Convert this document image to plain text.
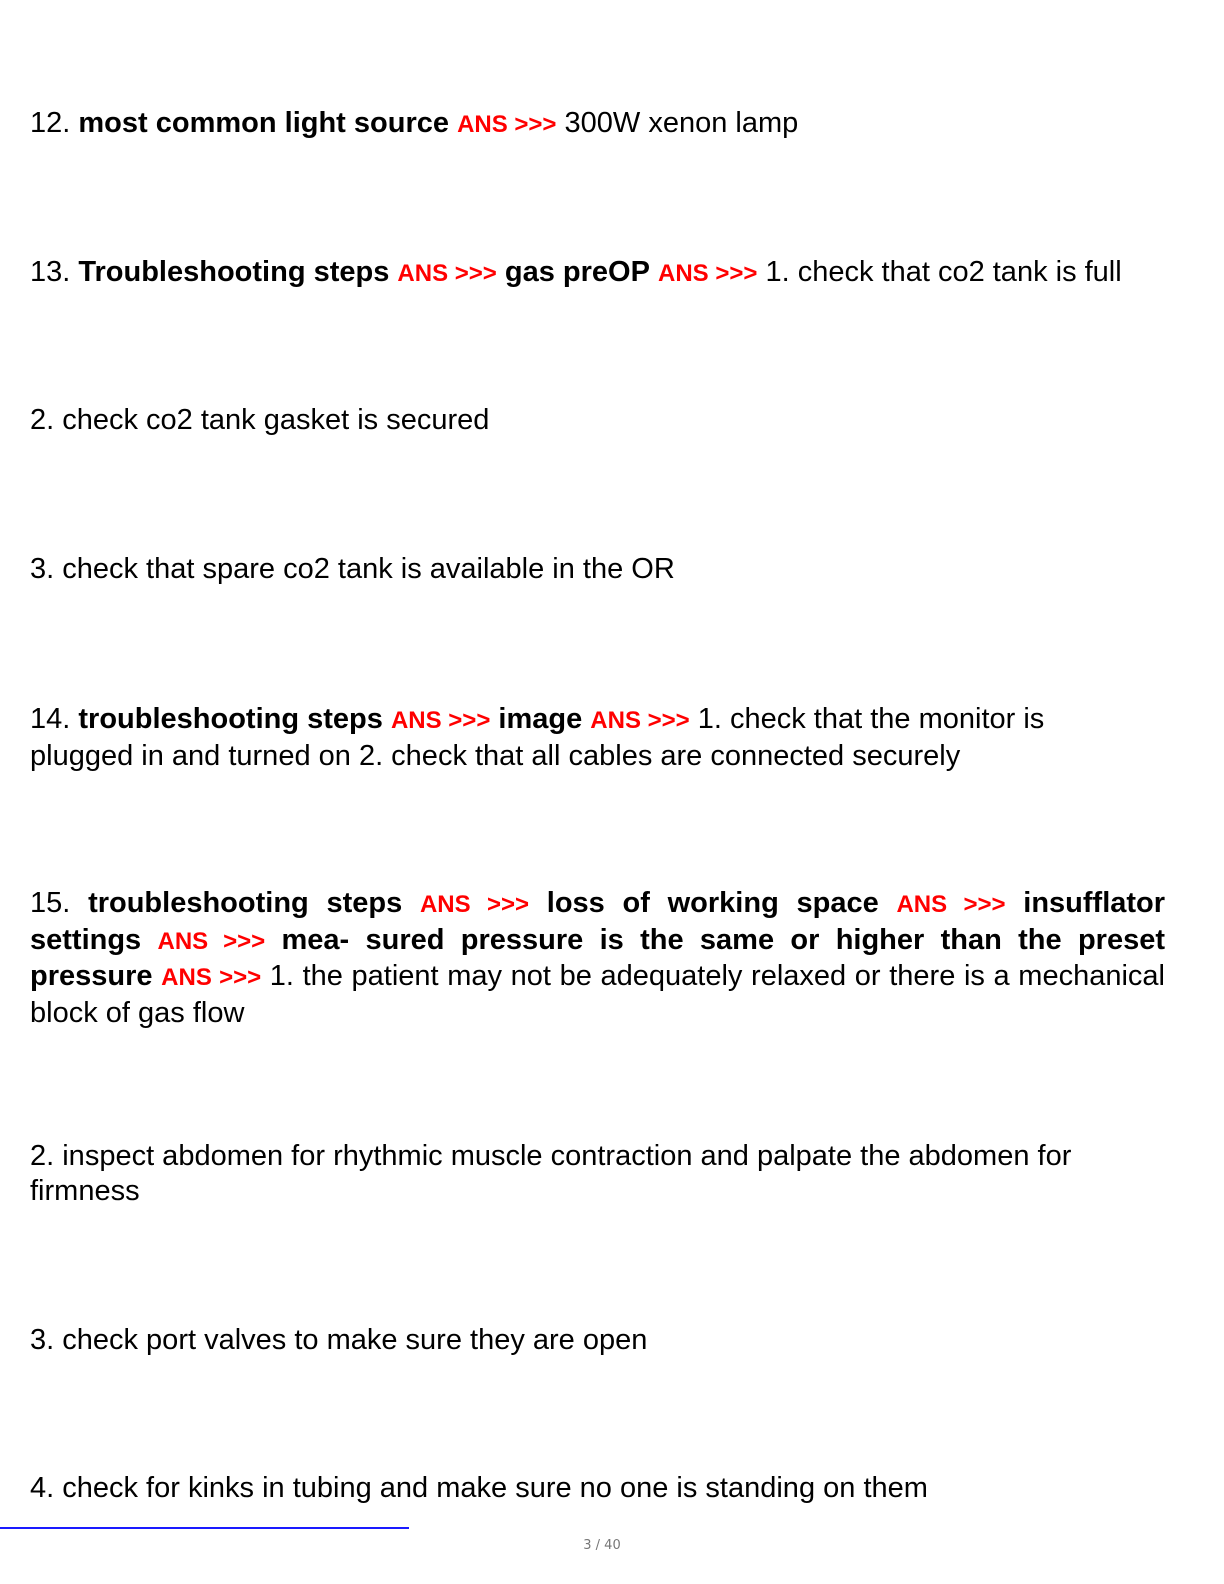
12. most common light source ANS >>> 300W xenon lamp
13. Troubleshooting steps ANS >>> gas preOP ANS >>> 1. check that co2 tank is full
2. check co2 tank gasket is secured
3. check that spare co2 tank is available in the OR
14. troubleshooting steps ANS >>> image ANS >>> 1. check that the monitor is plugged in and turned on 2. check that all cables are connected securely
15. troubleshooting steps ANS >>> loss of working space ANS >>> insufflator settings ANS >>> mea- sured pressure is the same or higher than the preset pressure ANS >>> 1. the patient may not be adequately relaxed or there is a mechanical block of gas flow
2. inspect abdomen for rhythmic muscle contraction and palpate the abdomen for firmness
3. check port valves to make sure they are open
4. check for kinks in tubing and make sure no one is standing on them
3 / 40
